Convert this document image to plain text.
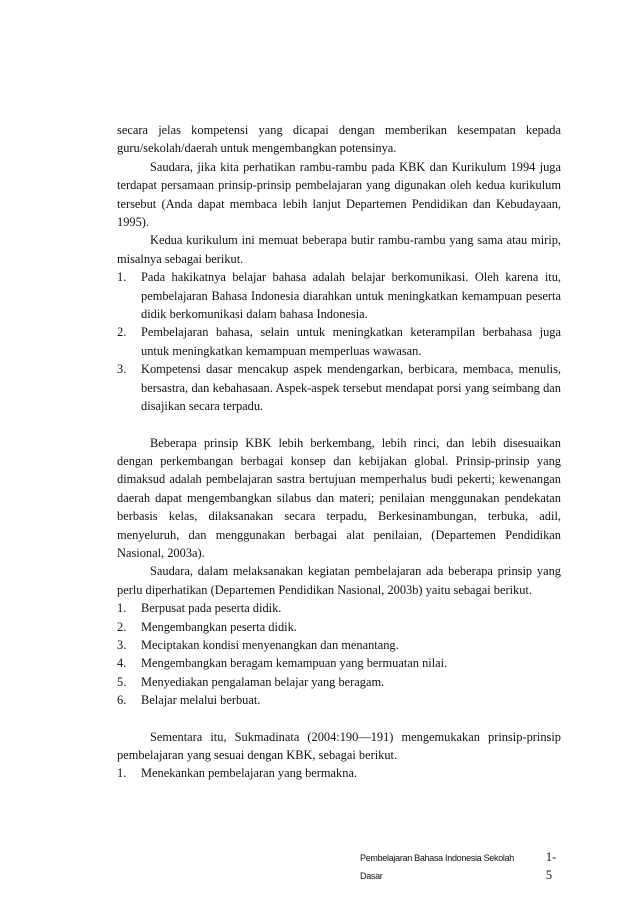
secara jelas kompetensi yang dicapai dengan memberikan kesempatan kepada guru/sekolah/daerah untuk mengembangkan potensinya.

Saudara, jika kita perhatikan rambu-rambu pada KBK dan Kurikulum 1994 juga terdapat persamaan prinsip-prinsip pembelajaran yang digunakan oleh kedua kurikulum tersebut (Anda dapat membaca lebih lanjut Departemen Pendidikan dan Kebudayaan, 1995).

Kedua kurikulum ini memuat beberapa butir rambu-rambu yang sama atau mirip, misalnya sebagai berikut.

1. Pada hakikatnya belajar bahasa adalah belajar berkomunikasi. Oleh karena itu, pembelajaran Bahasa Indonesia diarahkan untuk meningkatkan kemampuan peserta didik berkomunikasi dalam bahasa Indonesia.

2. Pembelajaran bahasa, selain untuk meningkatkan keterampilan berbahasa juga untuk meningkatkan kemampuan memperluas wawasan.

3. Kompetensi dasar mencakup aspek mendengarkan, berbicara, membaca, menulis, bersastra, dan kebahasaan. Aspek-aspek tersebut mendapat porsi yang seimbang dan disajikan secara terpadu.

Beberapa prinsip KBK lebih berkembang, lebih rinci, dan lebih disesuaikan dengan perkembangan berbagai konsep dan kebijakan global. Prinsip-prinsip yang dimaksud adalah pembelajaran sastra bertujuan memperhalus budi pekerti; kewenangan daerah dapat mengembangkan silabus dan materi; penilaian menggunakan pendekatan berbasis kelas, dilaksanakan secara terpadu, Berkesinambungan, terbuka, adil, menyeluruh, dan menggunakan berbagai alat penilaian, (Departemen Pendidikan Nasional, 2003a).

Saudara, dalam melaksanakan kegiatan pembelajaran ada beberapa prinsip yang perlu diperhatikan (Departemen Pendidikan Nasional, 2003b) yaitu sebagai berikut.

1. Berpusat pada peserta didik.

2. Mengembangkan peserta didik.

3. Meciptakan kondisi menyenangkan dan menantang.

4. Mengembangkan beragam kemampuan yang bermuatan nilai.

5. Menyediakan pengalaman belajar yang beragam.

6. Belajar melalui berbuat.

Sementara itu, Sukmadinata (2004:190—191) mengemukakan prinsip-prinsip pembelajaran yang sesuai dengan KBK, sebagai berikut.

1. Menekankan pembelajaran yang bermakna.

Pembelajaran Bahasa Indonesia Sekolah Dasar
1-5
